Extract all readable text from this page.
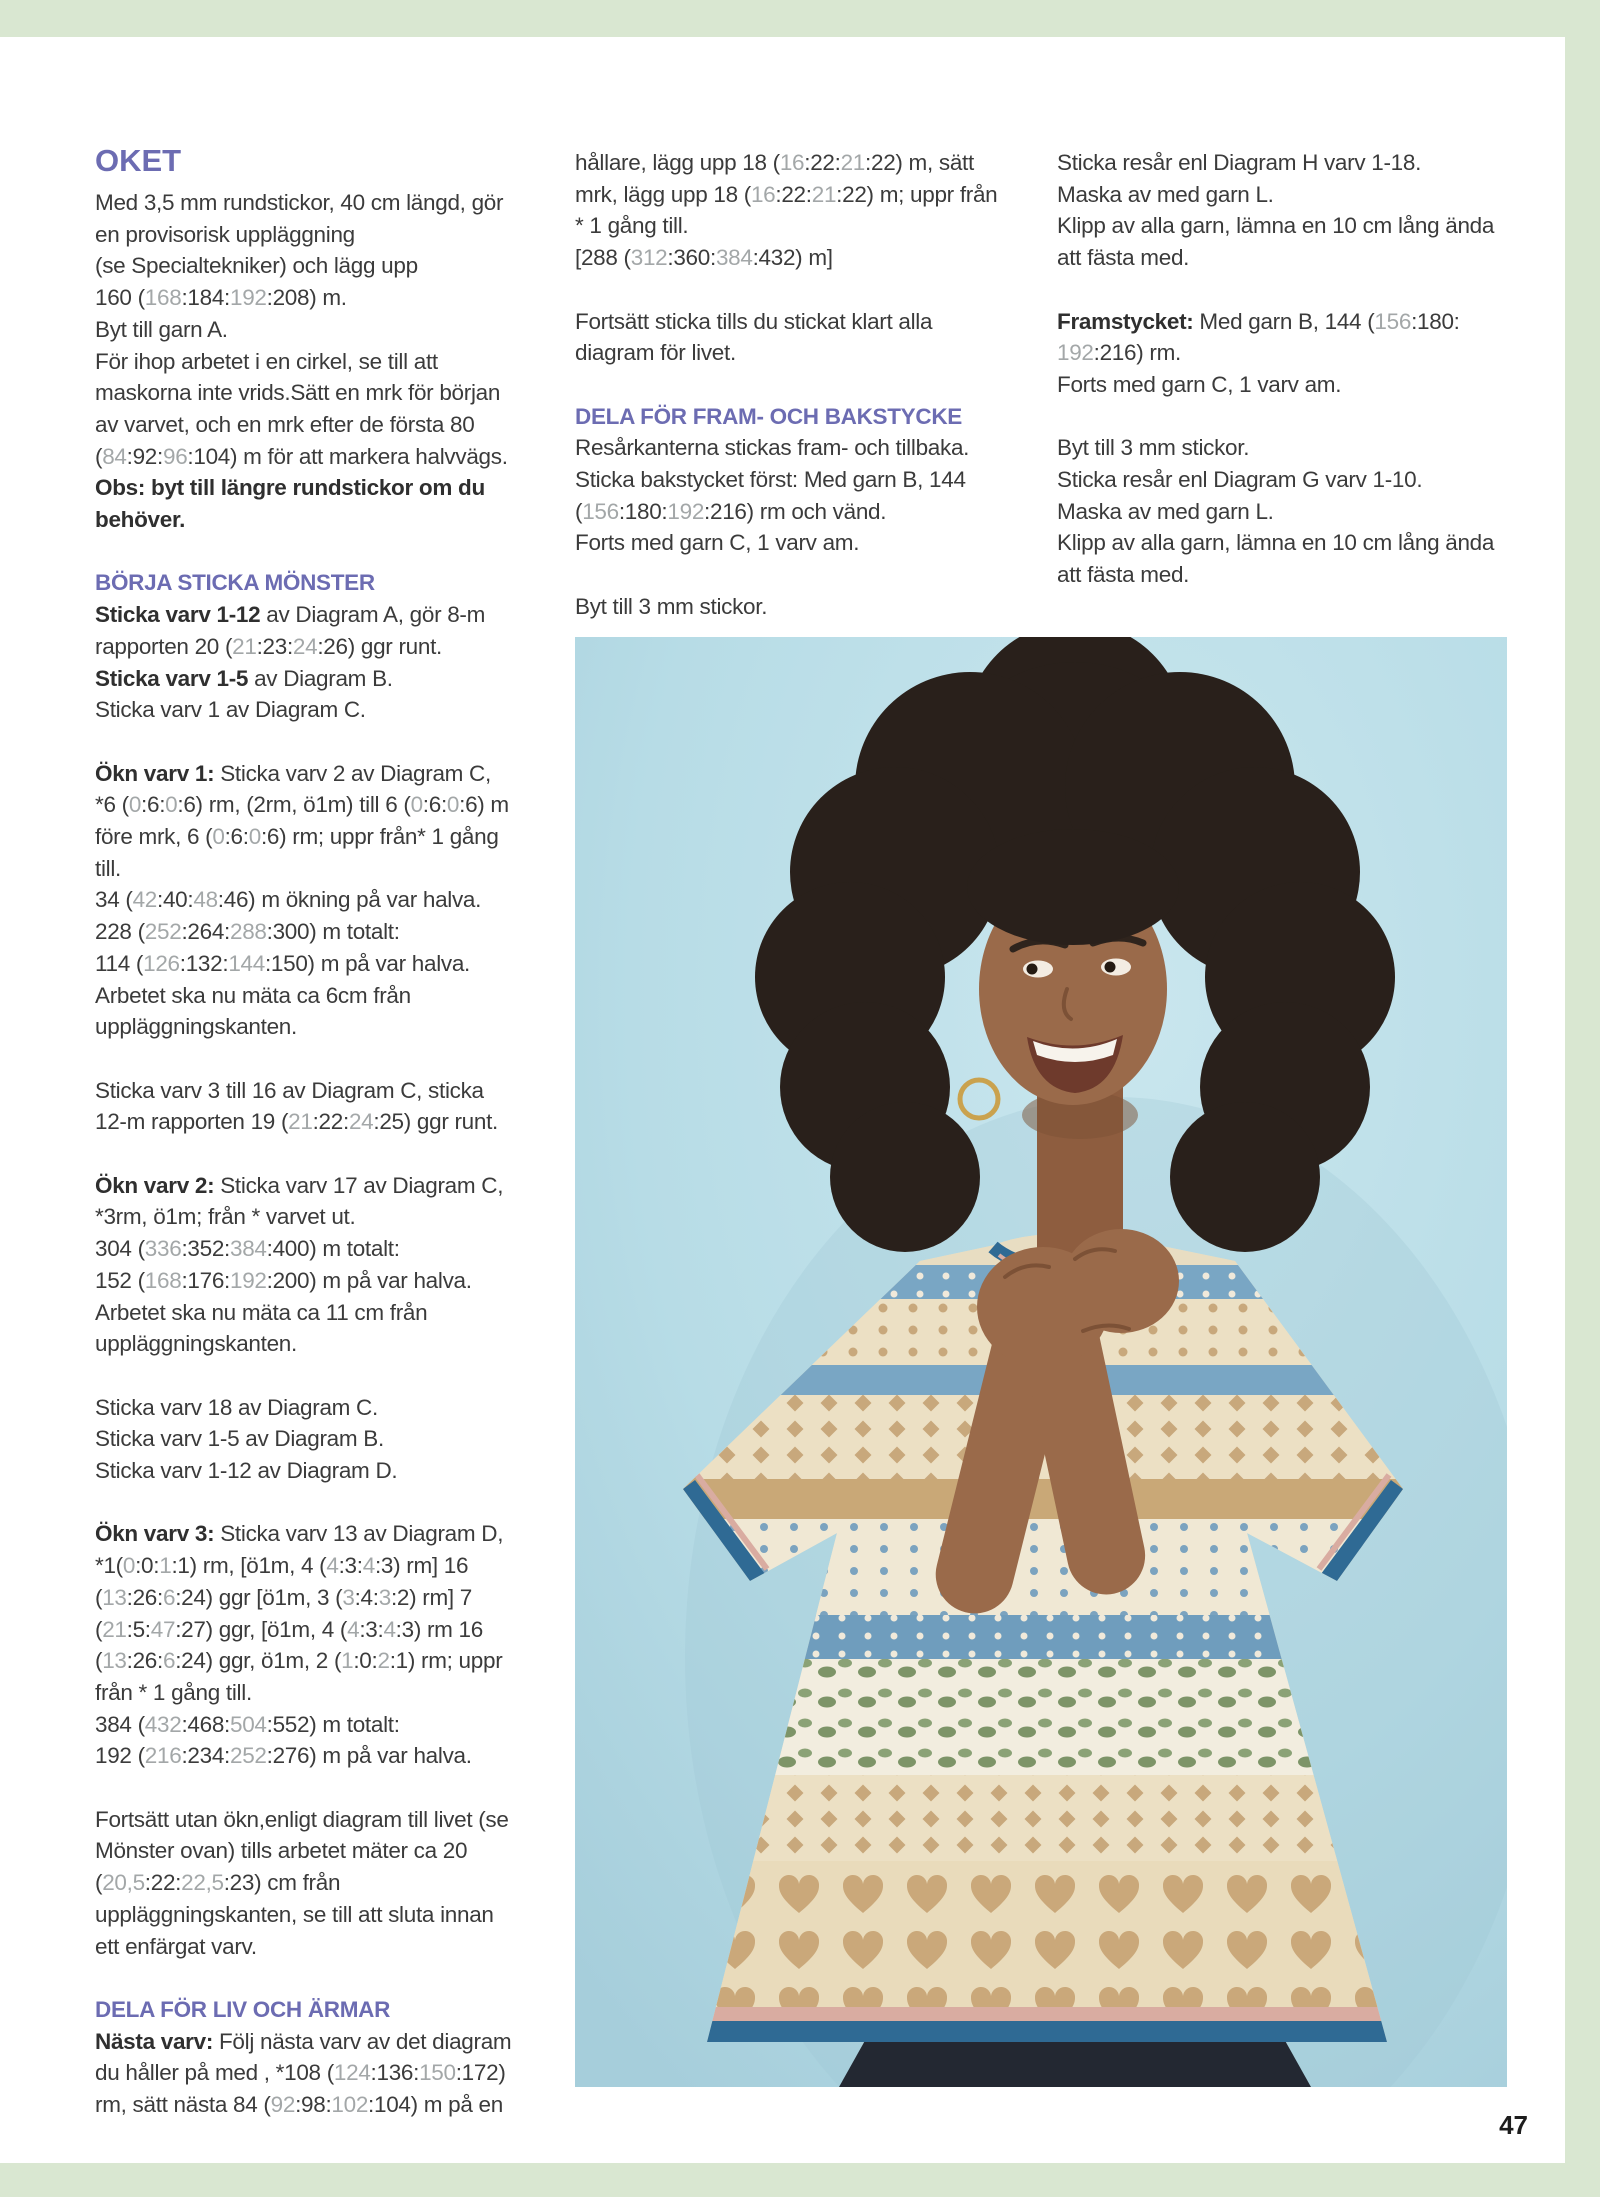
OKET
Med 3,5 mm rundstickor, 40 cm längd, gör
en provisorisk uppläggning
(se Specialtekniker) och lägg upp
160 (168:184:192:208) m.
Byt till garn A.
För ihop arbetet i en cirkel, se till att
maskorna inte vrids.Sätt en mrk för början
av varvet, och en mrk efter de första 80
(84:92:96:104) m för att markera halvvägs.
Obs: byt till längre rundstickor om du
behöver.
BÖRJA STICKA MÖNSTER
Sticka varv 1-12 av Diagram A, gör 8-m
rapporten 20 (21:23:24:26) ggr runt.
Sticka varv 1-5 av Diagram B.
Sticka varv 1 av Diagram C.
Ökn varv 1: Sticka varv 2 av Diagram C,
*6 (0:6:0:6) rm, (2rm, ö1m) till 6 (0:6:0:6) m
före mrk, 6 (0:6:0:6) rm; uppr från* 1 gång
till.
34 (42:40:48:46) m ökning på var halva.
228 (252:264:288:300) m totalt:
114 (126:132:144:150) m på var halva.
Arbetet ska nu mäta ca 6cm från
uppläggningskanten.
Sticka varv 3 till 16 av Diagram C, sticka
12-m rapporten 19 (21:22:24:25) ggr runt.
Ökn varv 2: Sticka varv 17 av Diagram C,
*3rm, ö1m; från * varvet ut.
304 (336:352:384:400) m totalt:
152 (168:176:192:200) m på var halva.
Arbetet ska nu mäta ca 11 cm från
uppläggningskanten.
Sticka varv 18 av Diagram C.
Sticka varv 1-5 av Diagram B.
Sticka varv 1-12 av Diagram D.
Ökn varv 3: Sticka varv 13 av Diagram D,
*1(0:0:1:1) rm, [ö1m, 4 (4:3:4:3) rm] 16
(13:26:6:24) ggr [ö1m, 3 (3:4:3:2) rm] 7
(21:5:47:27) ggr, [ö1m, 4 (4:3:4:3) rm 16
(13:26:6:24) ggr, ö1m, 2 (1:0:2:1) rm; uppr
från * 1 gång till.
384 (432:468:504:552) m totalt:
192 (216:234:252:276) m på var halva.
Fortsätt utan ökn,enligt diagram till livet (se
Mönster ovan) tills arbetet mäter ca 20
(20,5:22:22,5:23) cm från
uppläggningskanten, se till att sluta innan
ett enfärgat varv.
DELA FÖR LIV OCH ÄRMAR
Nästa varv: Följ nästa varv av det diagram
du håller på med , *108 (124:136:150:172)
rm, sätt nästa 84 (92:98:102:104) m på en
hållare, lägg upp 18 (16:22:21:22) m, sätt
mrk, lägg upp 18 (16:22:21:22) m; uppr från
* 1 gång till.
[288 (312:360:384:432) m]
Fortsätt sticka tills du stickat klart alla
diagram för livet.
DELA FÖR FRAM- OCH BAKSTYCKE
Resårkanterna stickas fram- och tillbaka.
Sticka bakstycket först: Med garn B, 144
(156:180:192:216) rm och vänd.
Forts med garn C, 1 varv am.
Byt till 3 mm stickor.
Sticka resår enl Diagram H varv 1-18.
Maska av med garn L.
Klipp av alla garn, lämna en 10 cm lång ända
att fästa med.
Framstycket: Med garn B, 144 (156:180:
192:216) rm.
Forts med garn C, 1 varv am.
Byt till 3 mm stickor.
Sticka resår enl Diagram G varv 1-10.
Maska av med garn L.
Klipp av alla garn, lämna en 10 cm lång ända
att fästa med.
47
